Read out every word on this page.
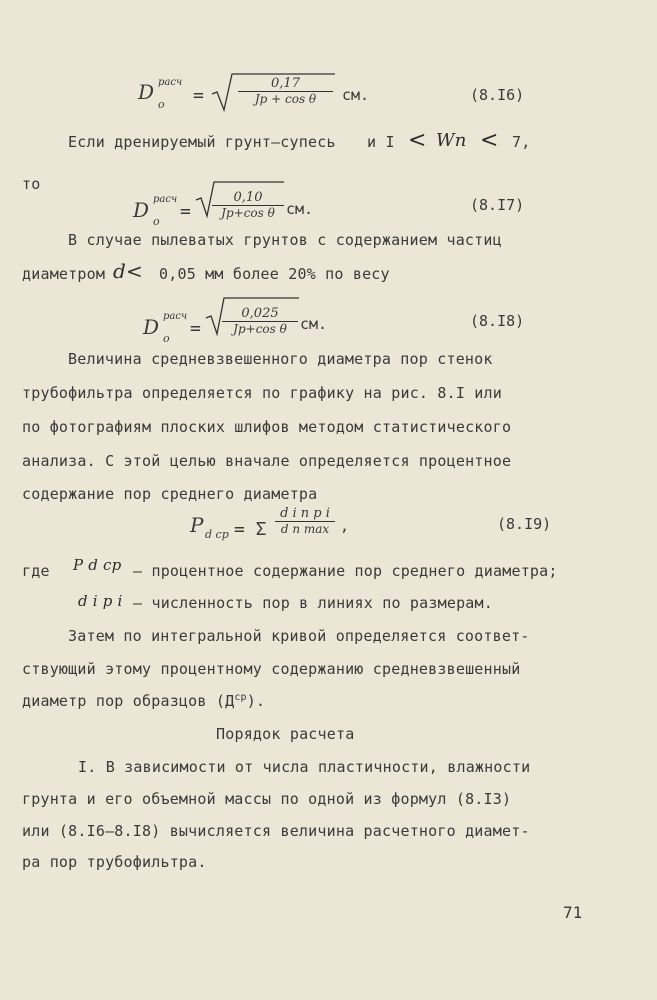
D расч
o =	$\frac{0,17}{\text{Jp + cos θ}}$ см.	(8.I6)
Если дренируемый грунт–супесь и I < Wn < 7,
то
D расч
$o = \frac{0,10}{\text{Jp+cos θ}}$ см.	(8.I7)
В случае пылеватых грунтов с содержанием частиц
диаметром d< 0,05 мм более 20% по весу
D расч
$o = \frac{0,025}{\text{Jp+cos θ}}$ см.	(8.I8)
Величина средневзвешенного диаметра пор стенок
трубофильтра определяется по графику на рис. 8.I или
по фотографиям плоских шлифов методом статистического
анализа. С этой целью вначале определяется процентное
содержание пор среднего диаметра
P d cp = Σ
d i n p i
d n max ,	(8.I9)
где P d cp – процентное содержание пор среднего диаметра;
d i p i – численность пор в линиях по размерам.
Затем по интегральной кривой определяется соответ-
ствующий этому процентному содержанию средневзвешенный
диаметр пор образцов $(Д^{ср})$.
Порядок расчета
I. В зависимости от числа пластичности, влажности
грунта и его объемной массы по одной из формул (8.I3)
или (8.I6–8.I8) вычисляется величина расчетного диамет-
ра пор трубофильтра.
71
